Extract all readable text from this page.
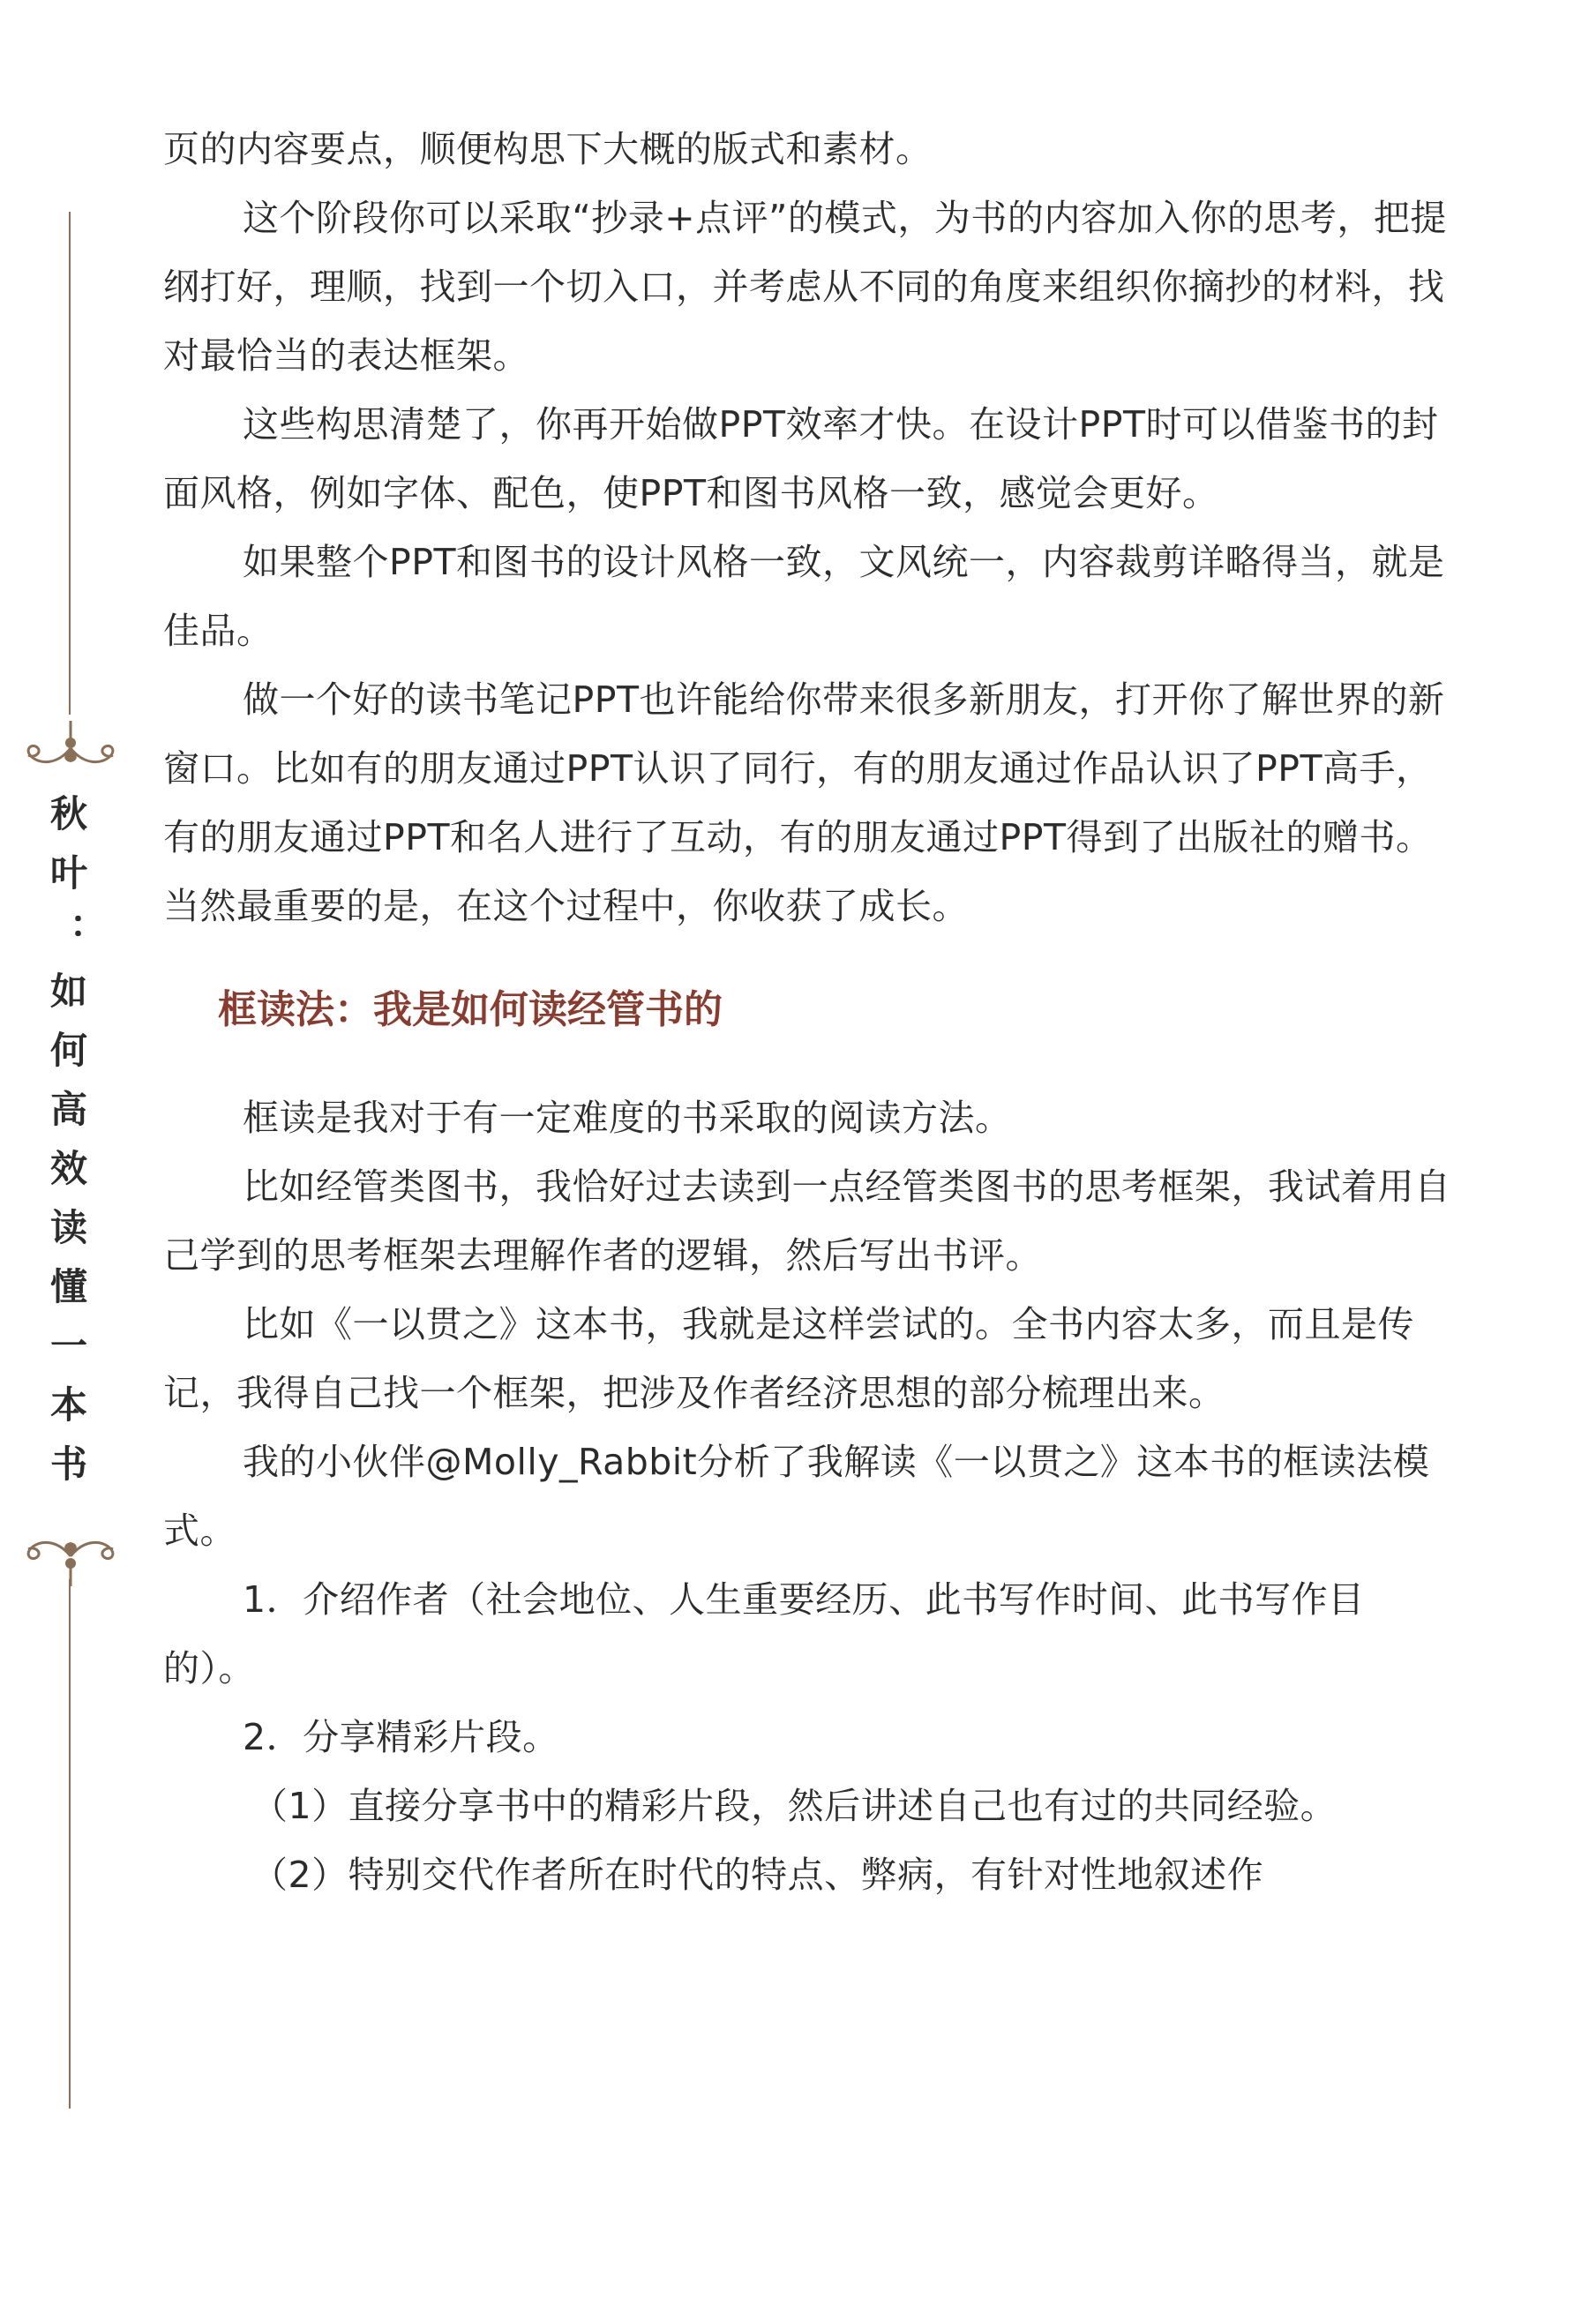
秋叶：如何高效读懂一本书

页的内容要点，顺便构思下大概的版式和素材。

这个阶段你可以采取“抄录+点评”的模式，为书的内容加入你的思考，把提纲打好，理顺，找到一个切入口，并考虑从不同的角度来组织你摘抄的材料，找对最恰当的表达框架。

这些构思清楚了，你再开始做PPT效率才快。在设计PPT时可以借鉴书的封面风格，例如字体、配色，使PPT和图书风格一致，感觉会更好。

如果整个PPT和图书的设计风格一致，文风统一，内容裁剪详略得当，就是佳品。

做一个好的读书笔记PPT也许能给你带来很多新朋友，打开你了解世界的新窗口。比如有的朋友通过PPT认识了同行，有的朋友通过作品认识了PPT高手，有的朋友通过PPT和名人进行了互动，有的朋友通过PPT得到了出版社的赠书。当然最重要的是，在这个过程中，你收获了成长。

框读法：我是如何读经管书的

框读是我对于有一定难度的书采取的阅读方法。

比如经管类图书，我恰好过去读到一点经管类图书的思考框架，我试着用自己学到的思考框架去理解作者的逻辑，然后写出书评。

比如《一以贯之》这本书，我就是这样尝试的。全书内容太多，而且是传记，我得自己找一个框架，把涉及作者经济思想的部分梳理出来。

我的小伙伴@Molly_Rabbit分析了我解读《一以贯之》这本书的框读法模式。

1．介绍作者（社会地位、人生重要经历、此书写作时间、此书写作目的）。

2．分享精彩片段。

（1）直接分享书中的精彩片段，然后讲述自己也有过的共同经验。

（2）特别交代作者所在时代的特点、弊病，有针对性地叙述作
